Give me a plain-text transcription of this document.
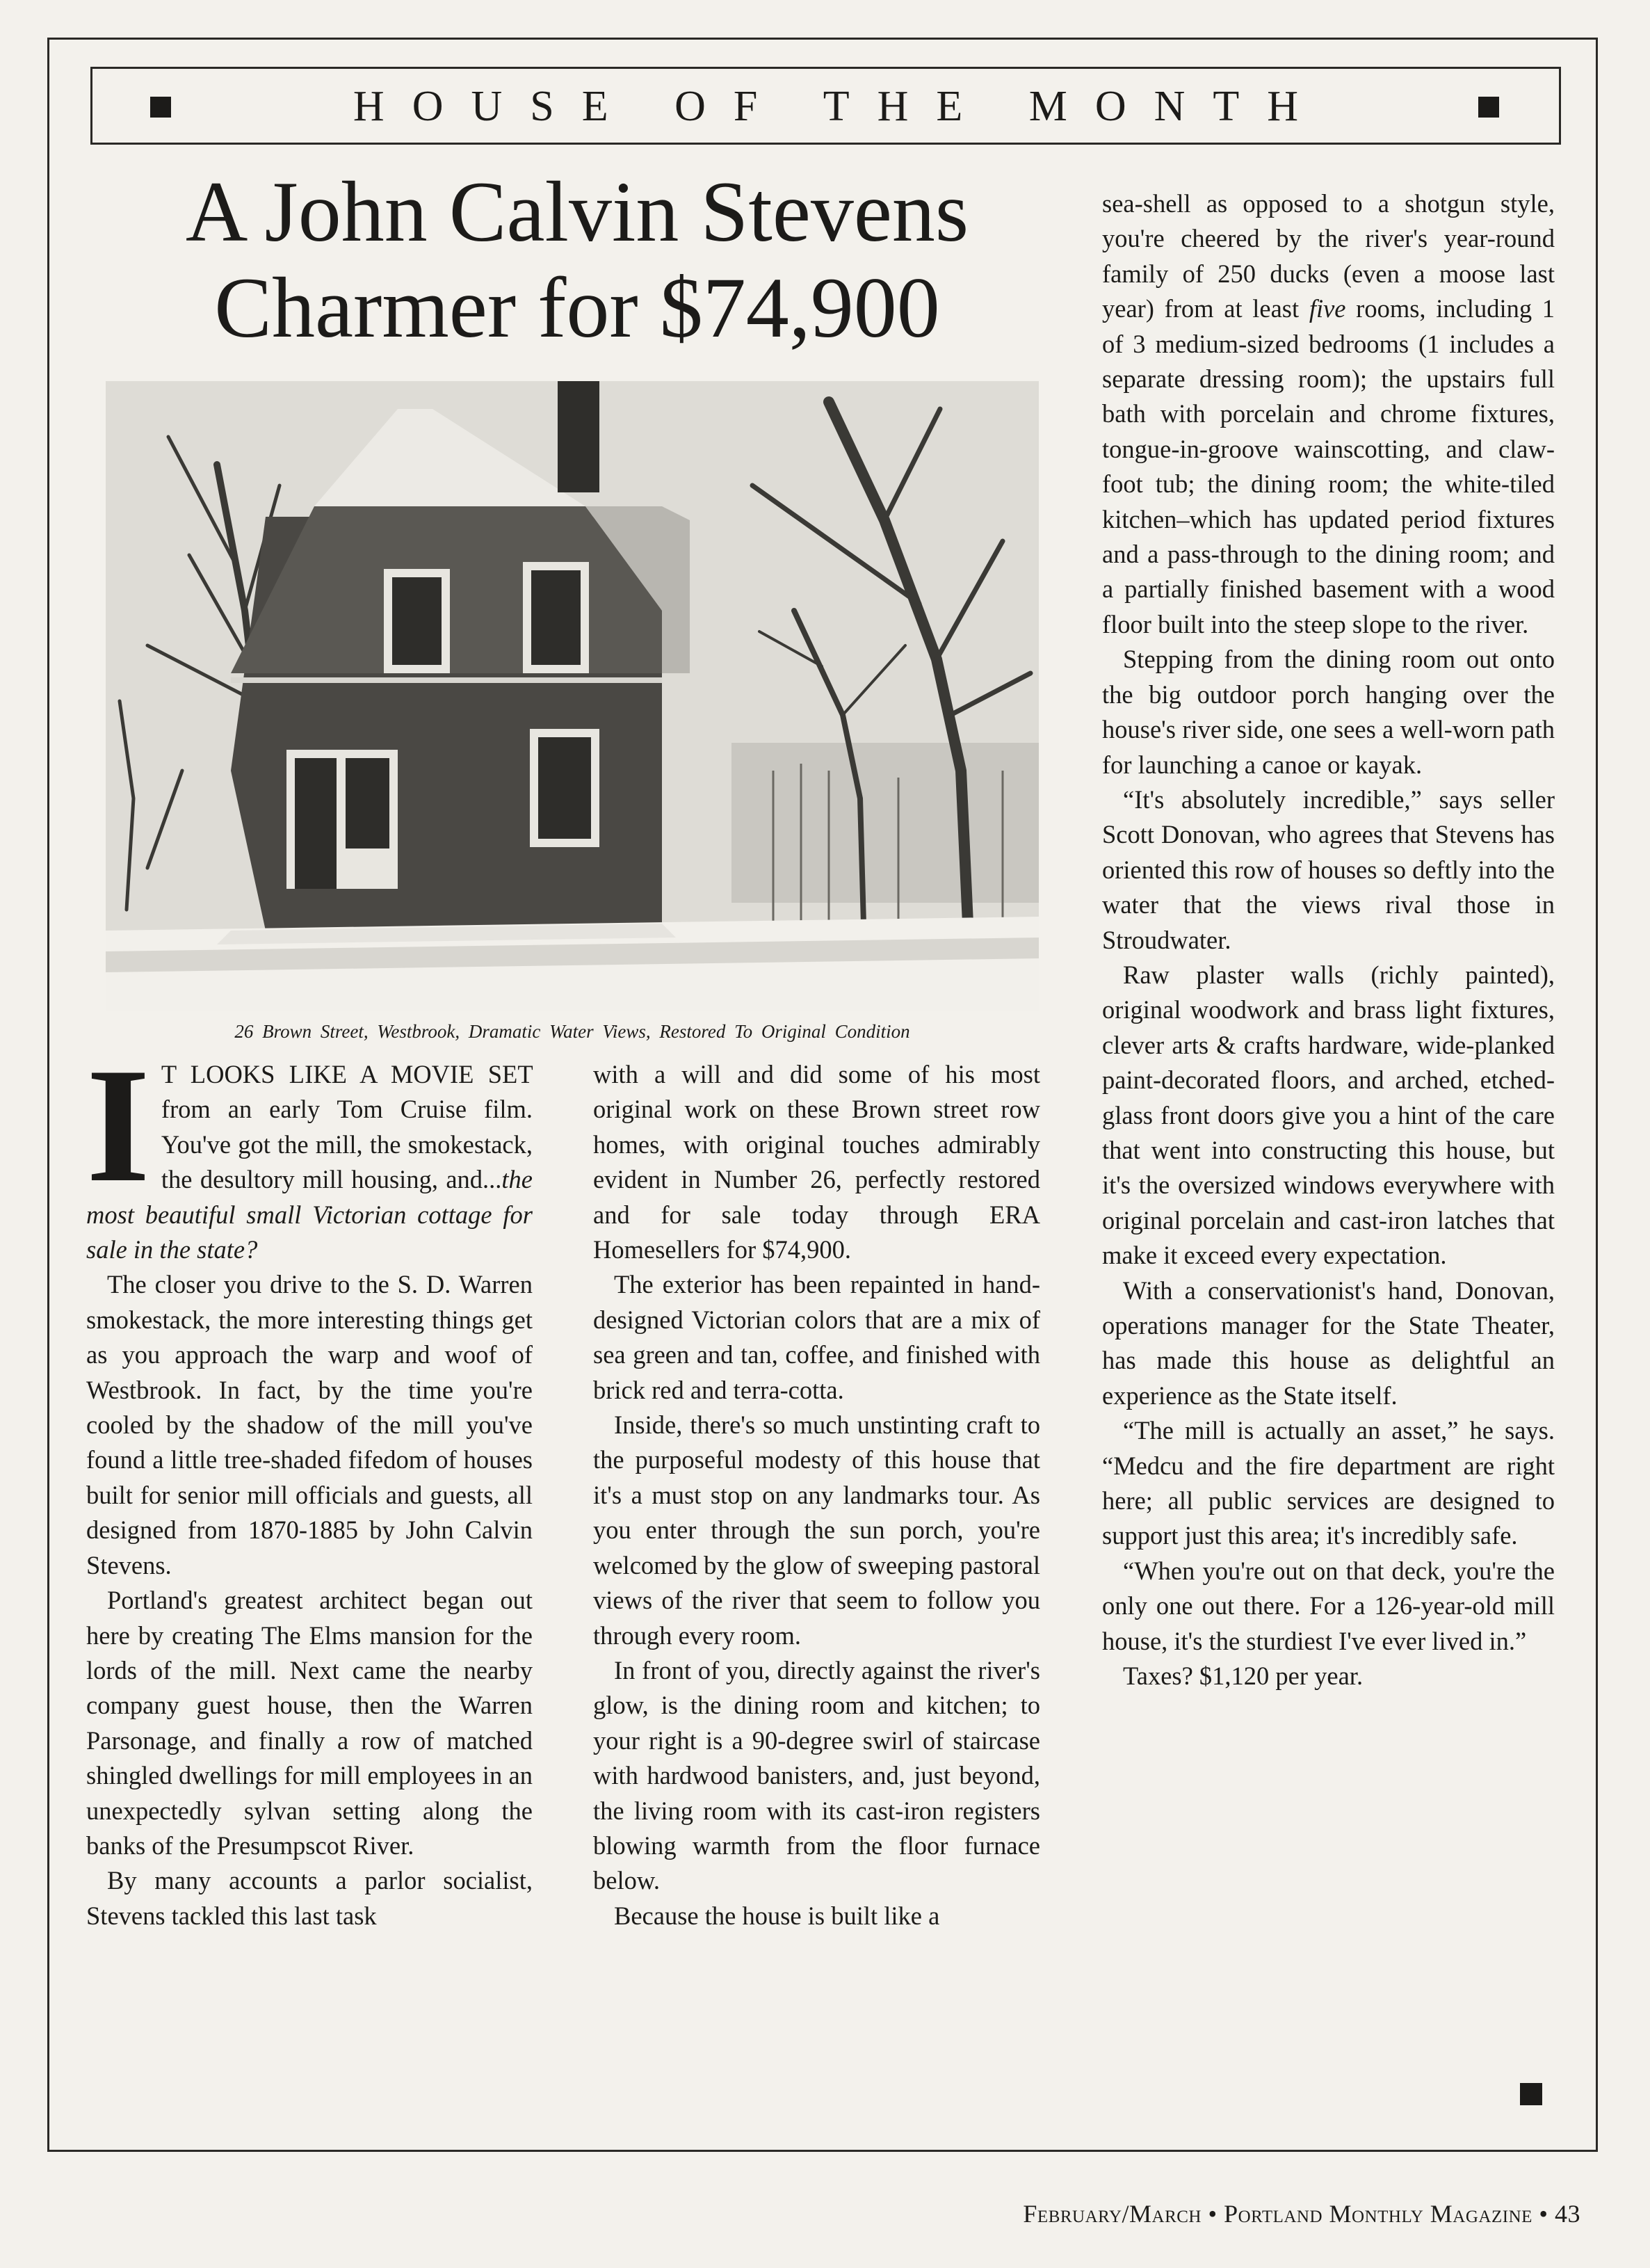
HOUSE OF THE MONTH
A John Calvin Stevens
Charmer for $74,900
26 Brown Street, Westbrook, Dramatic Water Views, Restored To Original Condition

I T LOOKS LIKE A MOVIE SET from an early Tom Cruise film. You've got the mill, the smokestack, the desultory mill housing, and...the most beautiful small Victorian cottage for sale in the state?

The closer you drive to the S. D. Warren smokestack, the more interesting things get as you approach the warp and woof of Westbrook. In fact, by the time you're cooled by the shadow of the mill you've found a little tree-shaded fifedom of houses built for senior mill officials and guests, all designed from 1870-1885 by John Calvin Stevens.

Portland's greatest architect began out here by creating The Elms mansion for the lords of the mill. Next came the nearby company guest house, then the Warren Parsonage, and finally a row of matched shingled dwellings for mill employees in an unexpectedly sylvan setting along the banks of the Presumpscot River.

By many accounts a parlor socialist, Stevens tackled this last task

with a will and did some of his most original work on these Brown street row homes, with original touches admirably evident in Number 26, perfectly restored and for sale today through ERA Homesellers for $74,900.

The exterior has been repainted in hand-designed Victorian colors that are a mix of sea green and tan, coffee, and finished with brick red and terra-cotta.

Inside, there's so much unstinting craft to the purposeful modesty of this house that it's a must stop on any landmarks tour. As you enter through the sun porch, you're welcomed by the glow of sweeping pastoral views of the river that seem to follow you through every room.

In front of you, directly against the river's glow, is the dining room and kitchen; to your right is a 90-degree swirl of staircase with hardwood banisters, and, just beyond, the living room with its cast-iron registers blowing warmth from the floor furnace below.

Because the house is built like a

sea-shell as opposed to a shotgun style, you're cheered by the river's year-round family of 250 ducks (even a moose last year) from at least five rooms, including 1 of 3 medium-sized bedrooms (1 includes a separate dressing room); the upstairs full bath with porcelain and chrome fixtures, tongue-in-groove wainscotting, and claw-foot tub; the dining room; the white-tiled kitchen–which has updated period fixtures and a pass-through to the dining room; and a partially finished basement with a wood floor built into the steep slope to the river.

Stepping from the dining room out onto the big outdoor porch hanging over the house's river side, one sees a well-worn path for launching a canoe or kayak.

“It's absolutely incredible,” says seller Scott Donovan, who agrees that Stevens has oriented this row of houses so deftly into the water that the views rival those in Stroudwater.

Raw plaster walls (richly painted), original woodwork and brass light fixtures, clever arts & crafts hardware, wide-planked paint-decorated floors, and arched, etched-glass front doors give you a hint of the care that went into constructing this house, but it's the oversized windows everywhere with original porcelain and cast-iron latches that make it exceed every expectation.

With a conservationist's hand, Donovan, operations manager for the State Theater, has made this house as delightful an experience as the State itself.

“The mill is actually an asset,” he says. “Medcu and the fire department are right here; all public services are designed to support just this area; it's incredibly safe.

“When you're out on that deck, you're the only one out there. For a 126-year-old mill house, it's the sturdiest I've ever lived in.”

Taxes? $1,120 per year.

February/March • Portland Monthly Magazine • 43
